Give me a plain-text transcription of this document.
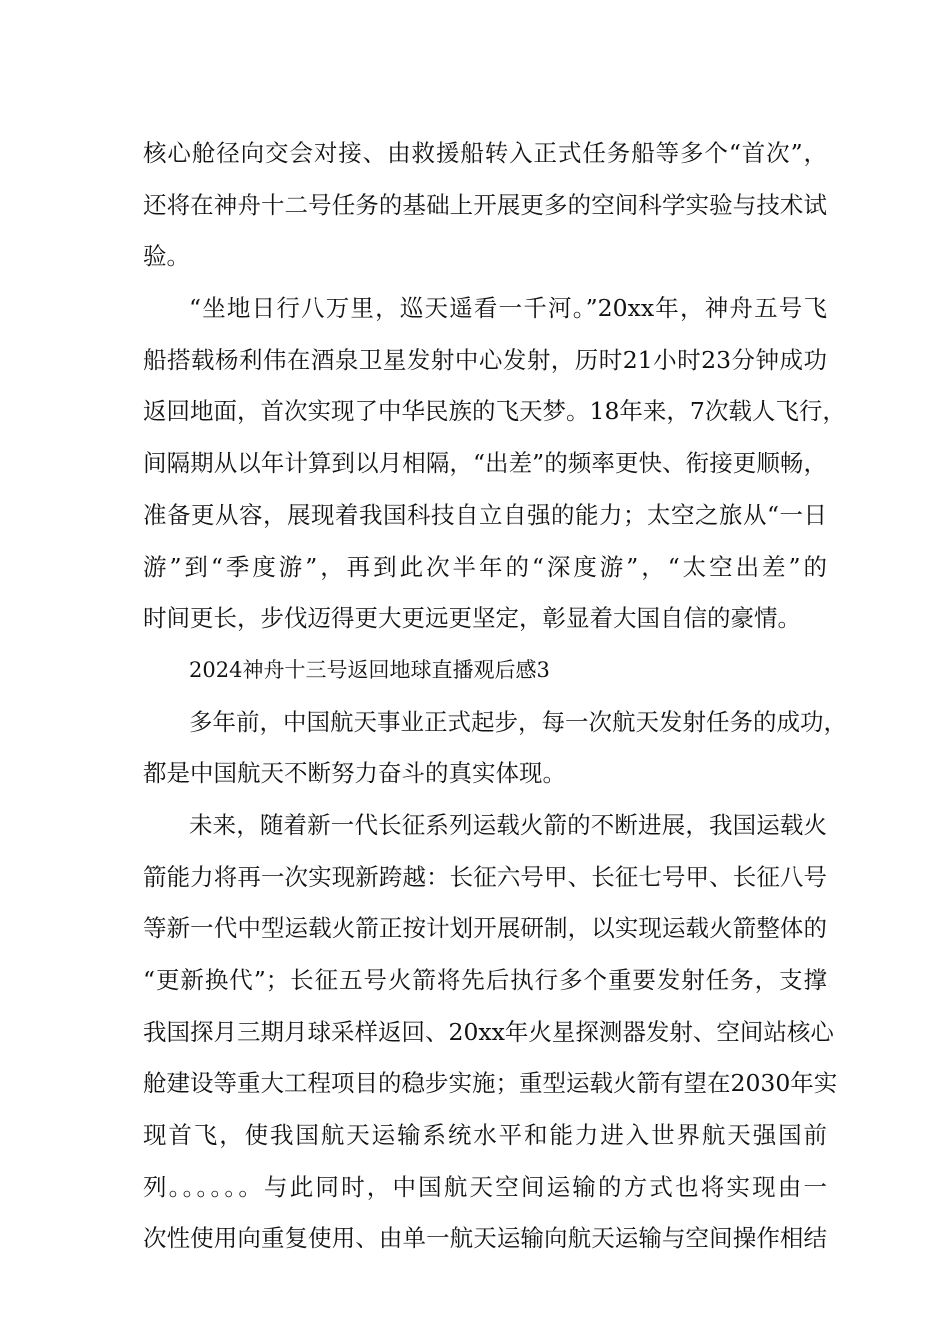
核心舱径向交会对接、由救援船转入正式任务船等多个“首次”，
还将在神舟十二号任务的基础上开展更多的空间科学实验与技术试
验。
“坐地日行八万里，巡天遥看一千河。”20xx年，神舟五号飞
船搭载杨利伟在酒泉卫星发射中心发射，历时21小时23分钟成功
返回地面，首次实现了中华民族的飞天梦。18年来，7次载人飞行，
间隔期从以年计算到以月相隔，“出差”的频率更快、衔接更顺畅，
准备更从容，展现着我国科技自立自强的能力；太空之旅从“一日
游”到“季度游”，再到此次半年的“深度游”，“太空出差”的
时间更长，步伐迈得更大更远更坚定，彰显着大国自信的豪情。
2024神舟十三号返回地球直播观后感3
多年前，中国航天事业正式起步，每一次航天发射任务的成功，
都是中国航天不断努力奋斗的真实体现。
未来，随着新一代长征系列运载火箭的不断进展，我国运载火
箭能力将再一次实现新跨越：长征六号甲、长征七号甲、长征八号
等新一代中型运载火箭正按计划开展研制，以实现运载火箭整体的
“更新换代”；长征五号火箭将先后执行多个重要发射任务，支撑
我国探月三期月球采样返回、20xx年火星探测器发射、空间站核心
舱建设等重大工程项目的稳步实施；重型运载火箭有望在2030年实
现首飞，使我国航天运输系统水平和能力进入世界航天强国前
列。。。。。。与此同时，中国航天空间运输的方式也将实现由一
次性使用向重复使用、由单一航天运输向航天运输与空间操作相结
